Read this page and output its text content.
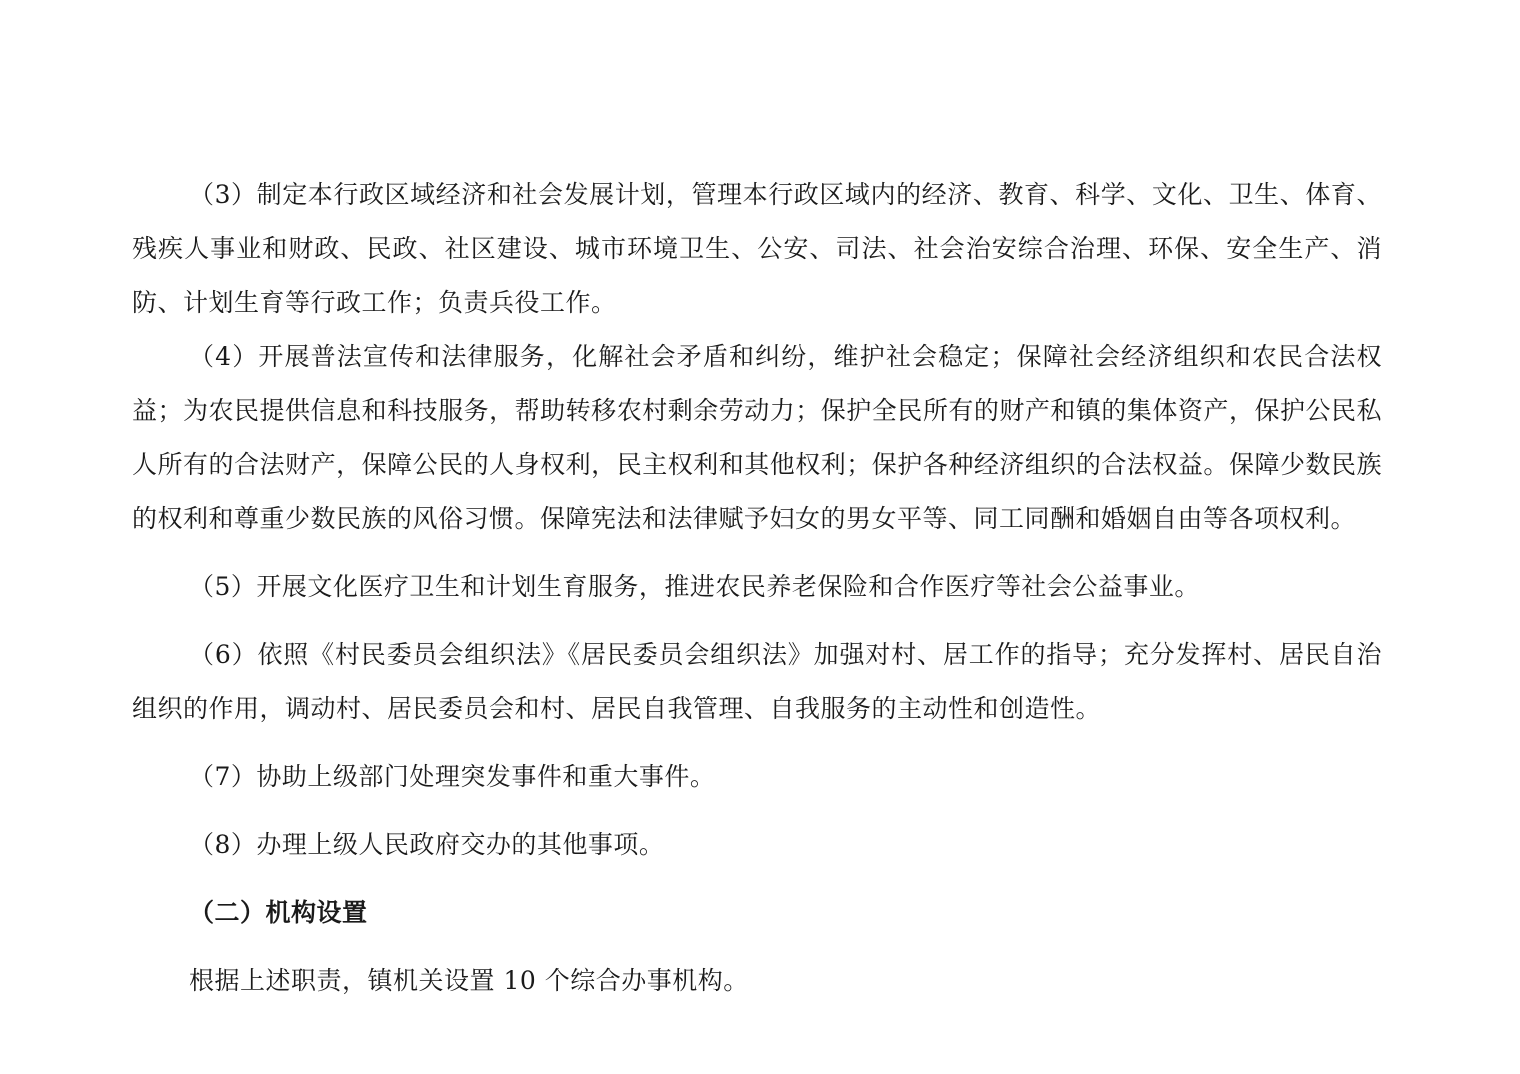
（3）制定本行政区域经济和社会发展计划，管理本行政区域内的经济、教育、科学、文化、卫生、体育、残疾人事业和财政、民政、社区建设、城市环境卫生、公安、司法、社会治安综合治理、环保、安全生产、消防、计划生育等行政工作；负责兵役工作。

（4）开展普法宣传和法律服务，化解社会矛盾和纠纷，维护社会稳定；保障社会经济组织和农民合法权益；为农民提供信息和科技服务，帮助转移农村剩余劳动力；保护全民所有的财产和镇的集体资产，保护公民私人所有的合法财产，保障公民的人身权利，民主权利和其他权利；保护各种经济组织的合法权益。保障少数民族的权利和尊重少数民族的风俗习惯。保障宪法和法律赋予妇女的男女平等、同工同酬和婚姻自由等各项权利。

（5）开展文化医疗卫生和计划生育服务，推进农民养老保险和合作医疗等社会公益事业。

（6）依照《村民委员会组织法》《居民委员会组织法》加强对村、居工作的指导；充分发挥村、居民自治组织的作用，调动村、居民委员会和村、居民自我管理、自我服务的主动性和创造性。

（7）协助上级部门处理突发事件和重大事件。

（8）办理上级人民政府交办的其他事项。

（二）机构设置

根据上述职责，镇机关设置 10 个综合办事机构。
